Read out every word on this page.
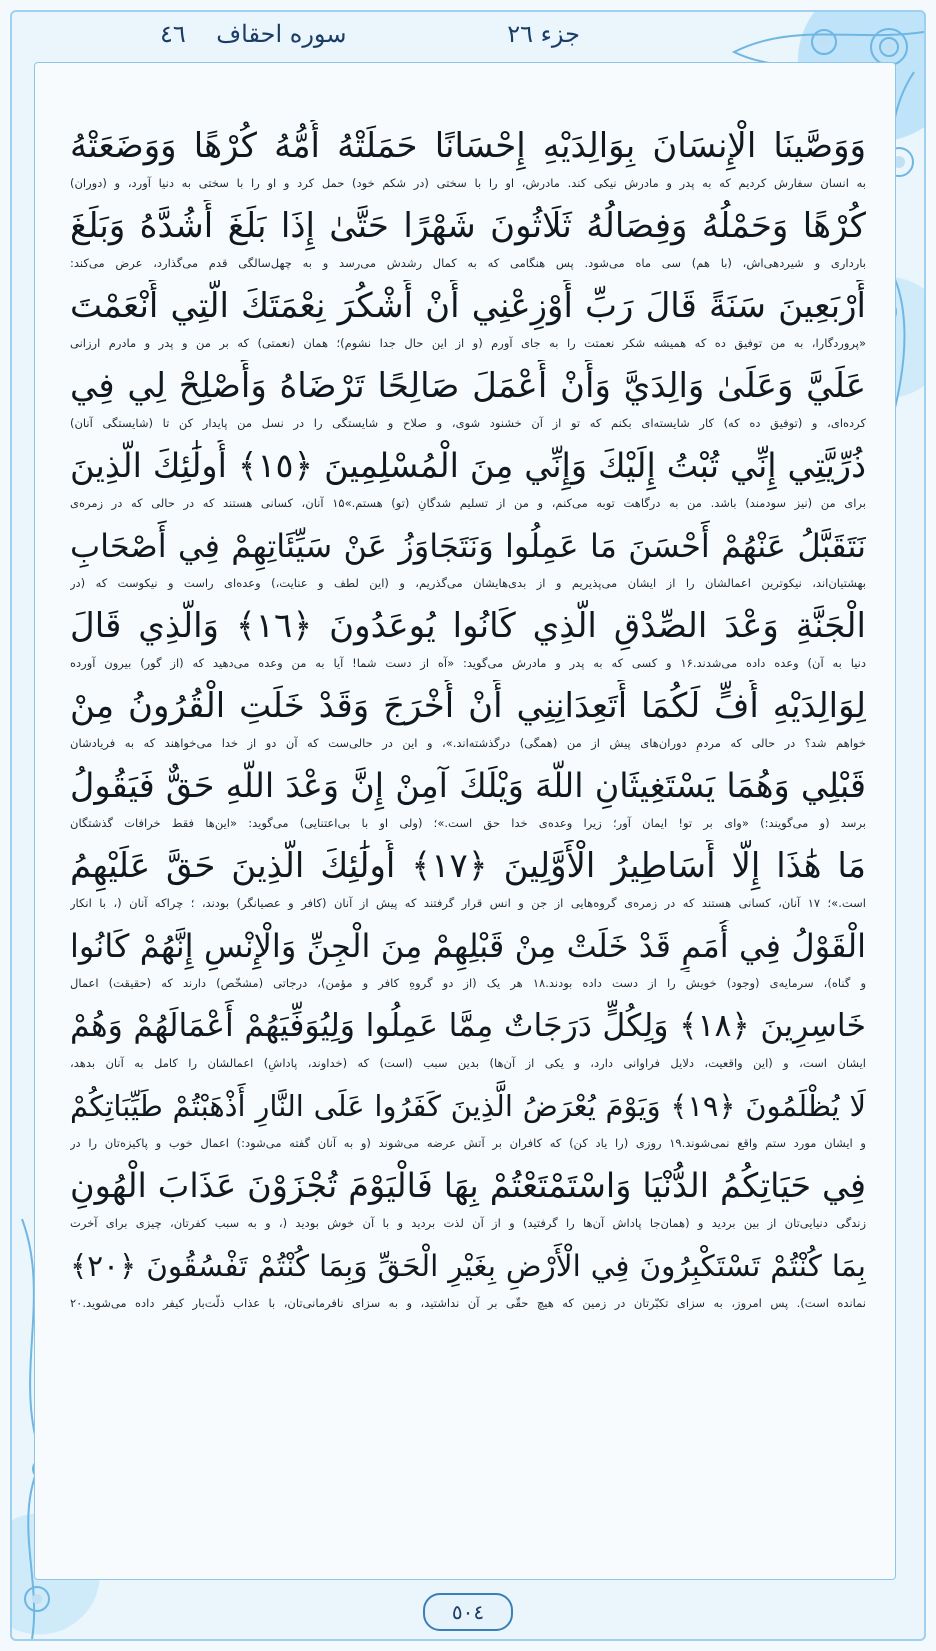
جزء ٢٦
سوره احقاف    ٤٦
وَوَصَّينَا الْإِنسَانَ بِوَالِدَيْهِ إِحْسَانًا حَمَلَتْهُ أُمُّهُ كُرْهًا وَوَضَعَتْهُ
به انسان سفارش کردیم که به پدر و مادرش نیکی کند. مادرش، او را با سختی (در شکم خود) حمل کرد و او را با سختی به دنیا آورد، و (دوران)
كُرْهًا وَحَمْلُهُ وَفِصَالُهُ ثَلَاثُونَ شَهْرًا حَتَّىٰ إِذَا بَلَغَ أَشُدَّهُ وَبَلَغَ
بارداری و شیردهی‌اش، (با هم) سی ماه می‌شود. پس هنگامی که به کمال رشدش می‌رسد و به چهل‌سالگی قدم می‌گذارد، عرض می‌کند:
أَرْبَعِينَ سَنَةً قَالَ رَبِّ أَوْزِعْنِي أَنْ أَشْكُرَ نِعْمَتَكَ الَّتِي أَنْعَمْتَ
«پروردگارا، به من توفیق ده که همیشه شکر نعمتت را به جای آورم (و از این حال جدا نشوم)؛ همان (نعمتی) که بر من و پدر و مادرم ارزانی
عَلَيَّ وَعَلَىٰ وَالِدَيَّ وَأَنْ أَعْمَلَ صَالِحًا تَرْضَاهُ وَأَصْلِحْ لِي فِي
کرده‌ای، و (توفیق ده که) کار شایسته‌ای بکنم که تو از آن خشنود شوی، و صلاح و شایستگی را در نسل من پایدار کن تا (شایستگی آنان)
ذُرِّيَّتِي إِنِّي تُبْتُ إِلَيْكَ وَإِنِّي مِنَ الْمُسْلِمِينَ ﴿١٥﴾ أُولَٰئِكَ الَّذِينَ
برای من (نیز سودمند) باشد. من به درگاهت توبه می‌کنم، و من از تسلیم شدگانِ (تو) هستم.»۱۵ آنان، کسانی هستند که در حالی که در زمره‌ی
نَتَقَبَّلُ عَنْهُمْ أَحْسَنَ مَا عَمِلُوا وَنَتَجَاوَزُ عَنْ سَيِّئَاتِهِمْ فِي أَصْحَابِ
بهشتیان‌اند، نیکوترین اعمالشان را از ایشان می‌پذیریم و از بدی‌هایشان می‌گذریم، و (این لطف و عنایت،) وعده‌ای راست و نیکوست که (در
الْجَنَّةِ وَعْدَ الصِّدْقِ الَّذِي كَانُوا يُوعَدُونَ ﴿١٦﴾ وَالَّذِي قَالَ
دنیا به آن) وعده داده می‌شدند.۱۶ و کسی که به پدر و مادرش می‌گوید: «آه از دست شما! آیا به من وعده می‌دهید که (از گور) بیرون آورده
لِوَالِدَيْهِ أُفٍّ لَكُمَا أَتَعِدَانِنِي أَنْ أُخْرَجَ وَقَدْ خَلَتِ الْقُرُونُ مِنْ
خواهم شد؟ در حالی که مردمِ دوران‌های پیش از من (همگی) درگذشته‌اند.»، و این در حالی‌ست که آن دو از خدا می‌خواهند که به فریادشان
قَبْلِي وَهُمَا يَسْتَغِيثَانِ اللَّهَ وَيْلَكَ آمِنْ إِنَّ وَعْدَ اللَّهِ حَقٌّ فَيَقُولُ
برسد (و می‌گویند:) «وای بر تو! ایمان آور؛ زیرا وعده‌ی خدا حق است.»؛ (ولی او با بی‌اعتنایی) می‌گوید: «این‌ها فقط خرافات گذشتگان
مَا هَٰذَا إِلَّا أَسَاطِيرُ الْأَوَّلِينَ ﴿١٧﴾ أُولَٰئِكَ الَّذِينَ حَقَّ عَلَيْهِمُ
است.»؛ ۱۷ آنان، کسانی هستند که در زمره‌ی گروه‌هایی از جن و انس قرار گرفتند که پیش از آنان (کافر و عصیانگر) بودند، ؛ چراکه آنان (، با انکار
الْقَوْلُ فِي أُمَمٍ قَدْ خَلَتْ مِنْ قَبْلِهِمْ مِنَ الْجِنِّ وَالْإِنْسِ إِنَّهُمْ كَانُوا
و گناه)، سرمایه‌ی (وجود) خویش را از دست داده بودند.۱۸ هر یک (از دو گروهِ کافر و مؤمن)، درجاتی (مشخّص) دارند که (حقیقت) اعمال
خَاسِرِينَ ﴿١٨﴾ وَلِكُلٍّ دَرَجَاتٌ مِمَّا عَمِلُوا وَلِيُوَفِّيَهُمْ أَعْمَالَهُمْ وَهُمْ
ایشان است، و (این واقعیت، دلایل فراوانی دارد، و یکی از آن‌ها) بدین سبب (است) که (خداوند، پاداشِ) اعمالشان را کامل به آنان بدهد،
لَا يُظْلَمُونَ ﴿١٩﴾ وَيَوْمَ يُعْرَضُ الَّذِينَ كَفَرُوا عَلَى النَّارِ أَذْهَبْتُمْ طَيِّبَاتِكُمْ
و ایشان مورد ستم واقع نمی‌شوند.۱۹ روزی (را یاد کن) که کافران بر آتش عرضه می‌شوند (و به آنان گفته می‌شود:) اعمال خوب و پاکیزه‌تان را در
فِي حَيَاتِكُمُ الدُّنْيَا وَاسْتَمْتَعْتُمْ بِهَا فَالْيَوْمَ تُجْزَوْنَ عَذَابَ الْهُونِ
زندگی دنیایی‌تان از بین بردید و (همان‌جا پاداش آن‌ها را گرفتید) و از آن لذت بردید و با آن خوش بودید (، و به سبب کفرتان، چیزی برای آخرت
بِمَا كُنْتُمْ تَسْتَكْبِرُونَ فِي الْأَرْضِ بِغَيْرِ الْحَقِّ وَبِمَا كُنْتُمْ تَفْسُقُونَ ﴿٢٠﴾
نمانده است). پس امروز، به سزای تکبّرتان در زمین که هیچ حقّی بر آن نداشتید، و به سزای نافرمانی‌تان، با عذاب ذلّت‌بار کیفر داده می‌شوید.۲۰
٥٠٤
